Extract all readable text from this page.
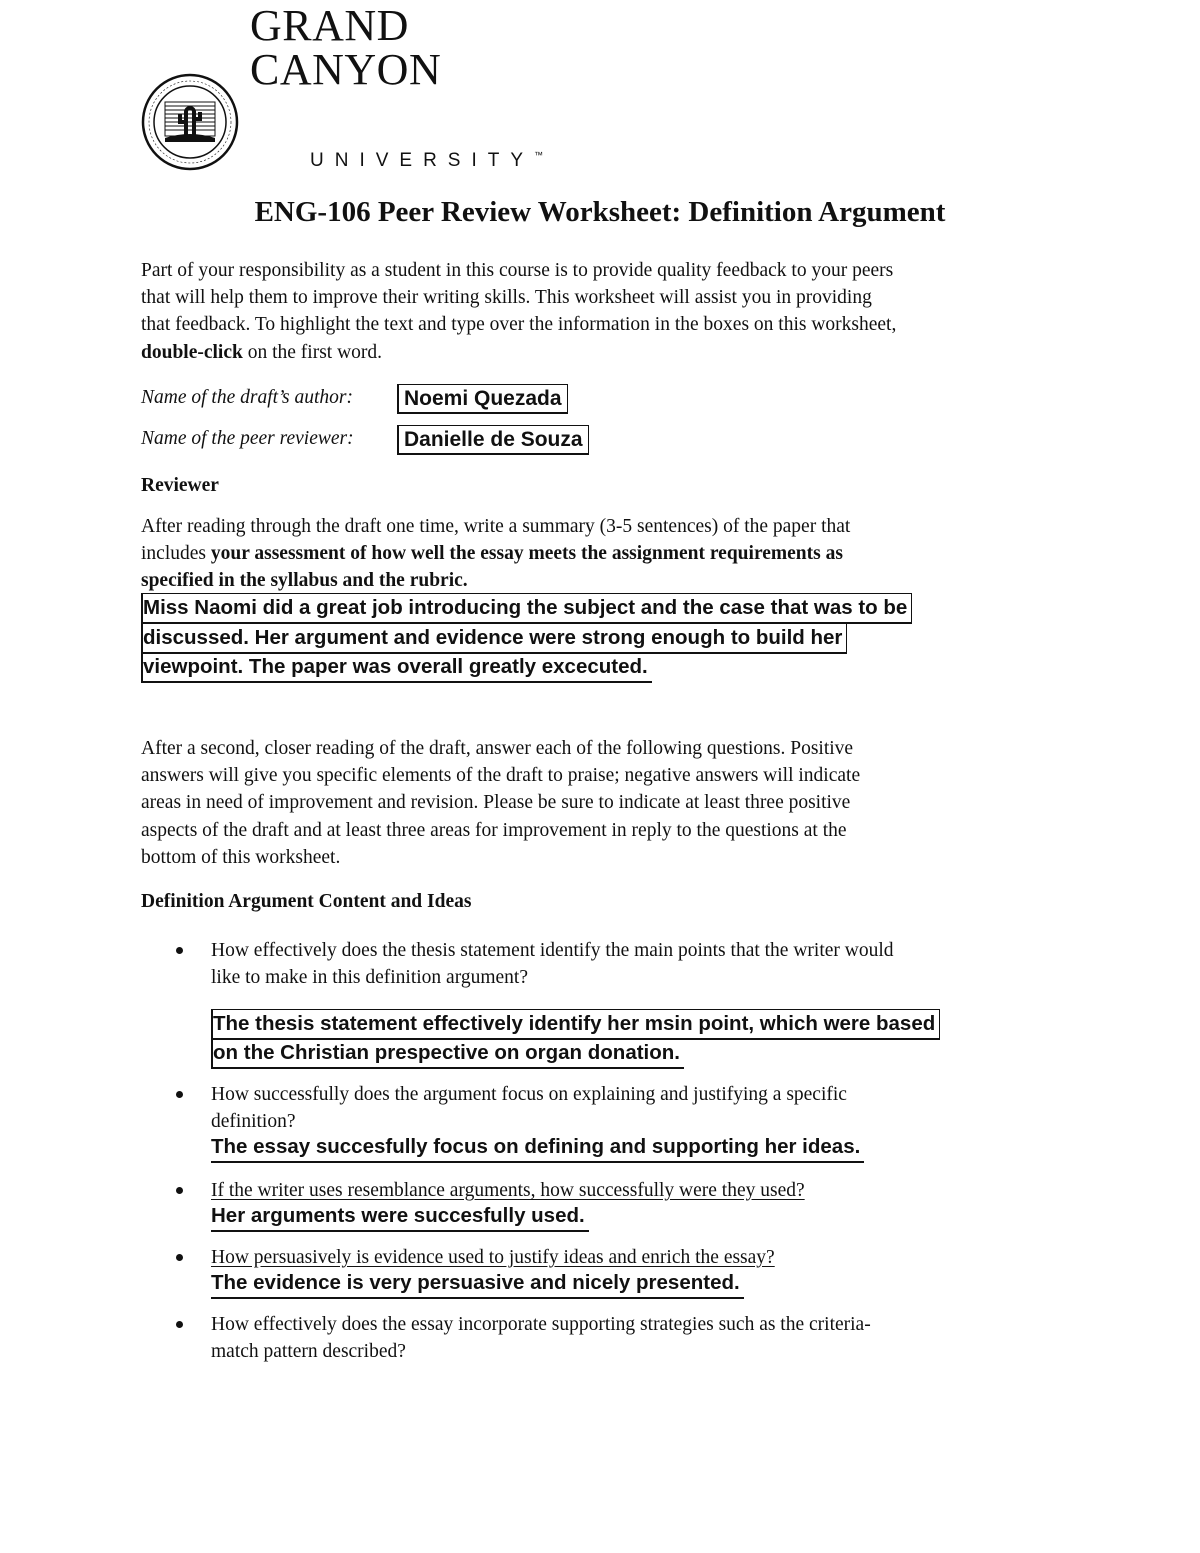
GRAND CANYON
UNIVERSITY™
ENG-106 Peer Review Worksheet: Definition Argument
Part of your responsibility as a student in this course is to provide quality feedback to your peers
that will help them to improve their writing skills. This worksheet will assist you in providing
that feedback. To highlight the text and type over the information in the boxes on this worksheet,
double-click on the first word.
Name of the draft’s author:	Noemi Quezada
Name of the peer reviewer:	Danielle de Souza
Reviewer
After reading through the draft one time, write a summary (3-5 sentences) of the paper that
includes your assessment of how well the essay meets the assignment requirements as
specified in the syllabus and the rubric.
Miss Naomi did a great job introducing the subject and the case that was to be
discussed. Her argument and evidence were strong enough to build her
viewpoint. The paper was overall greatly excecuted.
After a second, closer reading of the draft, answer each of the following questions. Positive
answers will give you specific elements of the draft to praise; negative answers will indicate
areas in need of improvement and revision. Please be sure to indicate at least three positive
aspects of the draft and at least three areas for improvement in reply to the questions at the
bottom of this worksheet.
Definition Argument Content and Ideas
How effectively does the thesis statement identify the main points that the writer would
like to make in this definition argument?
The thesis statement effectively identify her msin point, which were based
on the Christian prespective on organ donation.
How successfully does the argument focus on explaining and justifying a specific
definition?
The essay succesfully focus on defining and supporting her ideas.
If the writer uses resemblance arguments, how successfully were they used?
Her arguments were succesfully used.
How persuasively is evidence used to justify ideas and enrich the essay?
The evidence is very persuasive and nicely presented.
How effectively does the essay incorporate supporting strategies such as the criteria-
match pattern described?
